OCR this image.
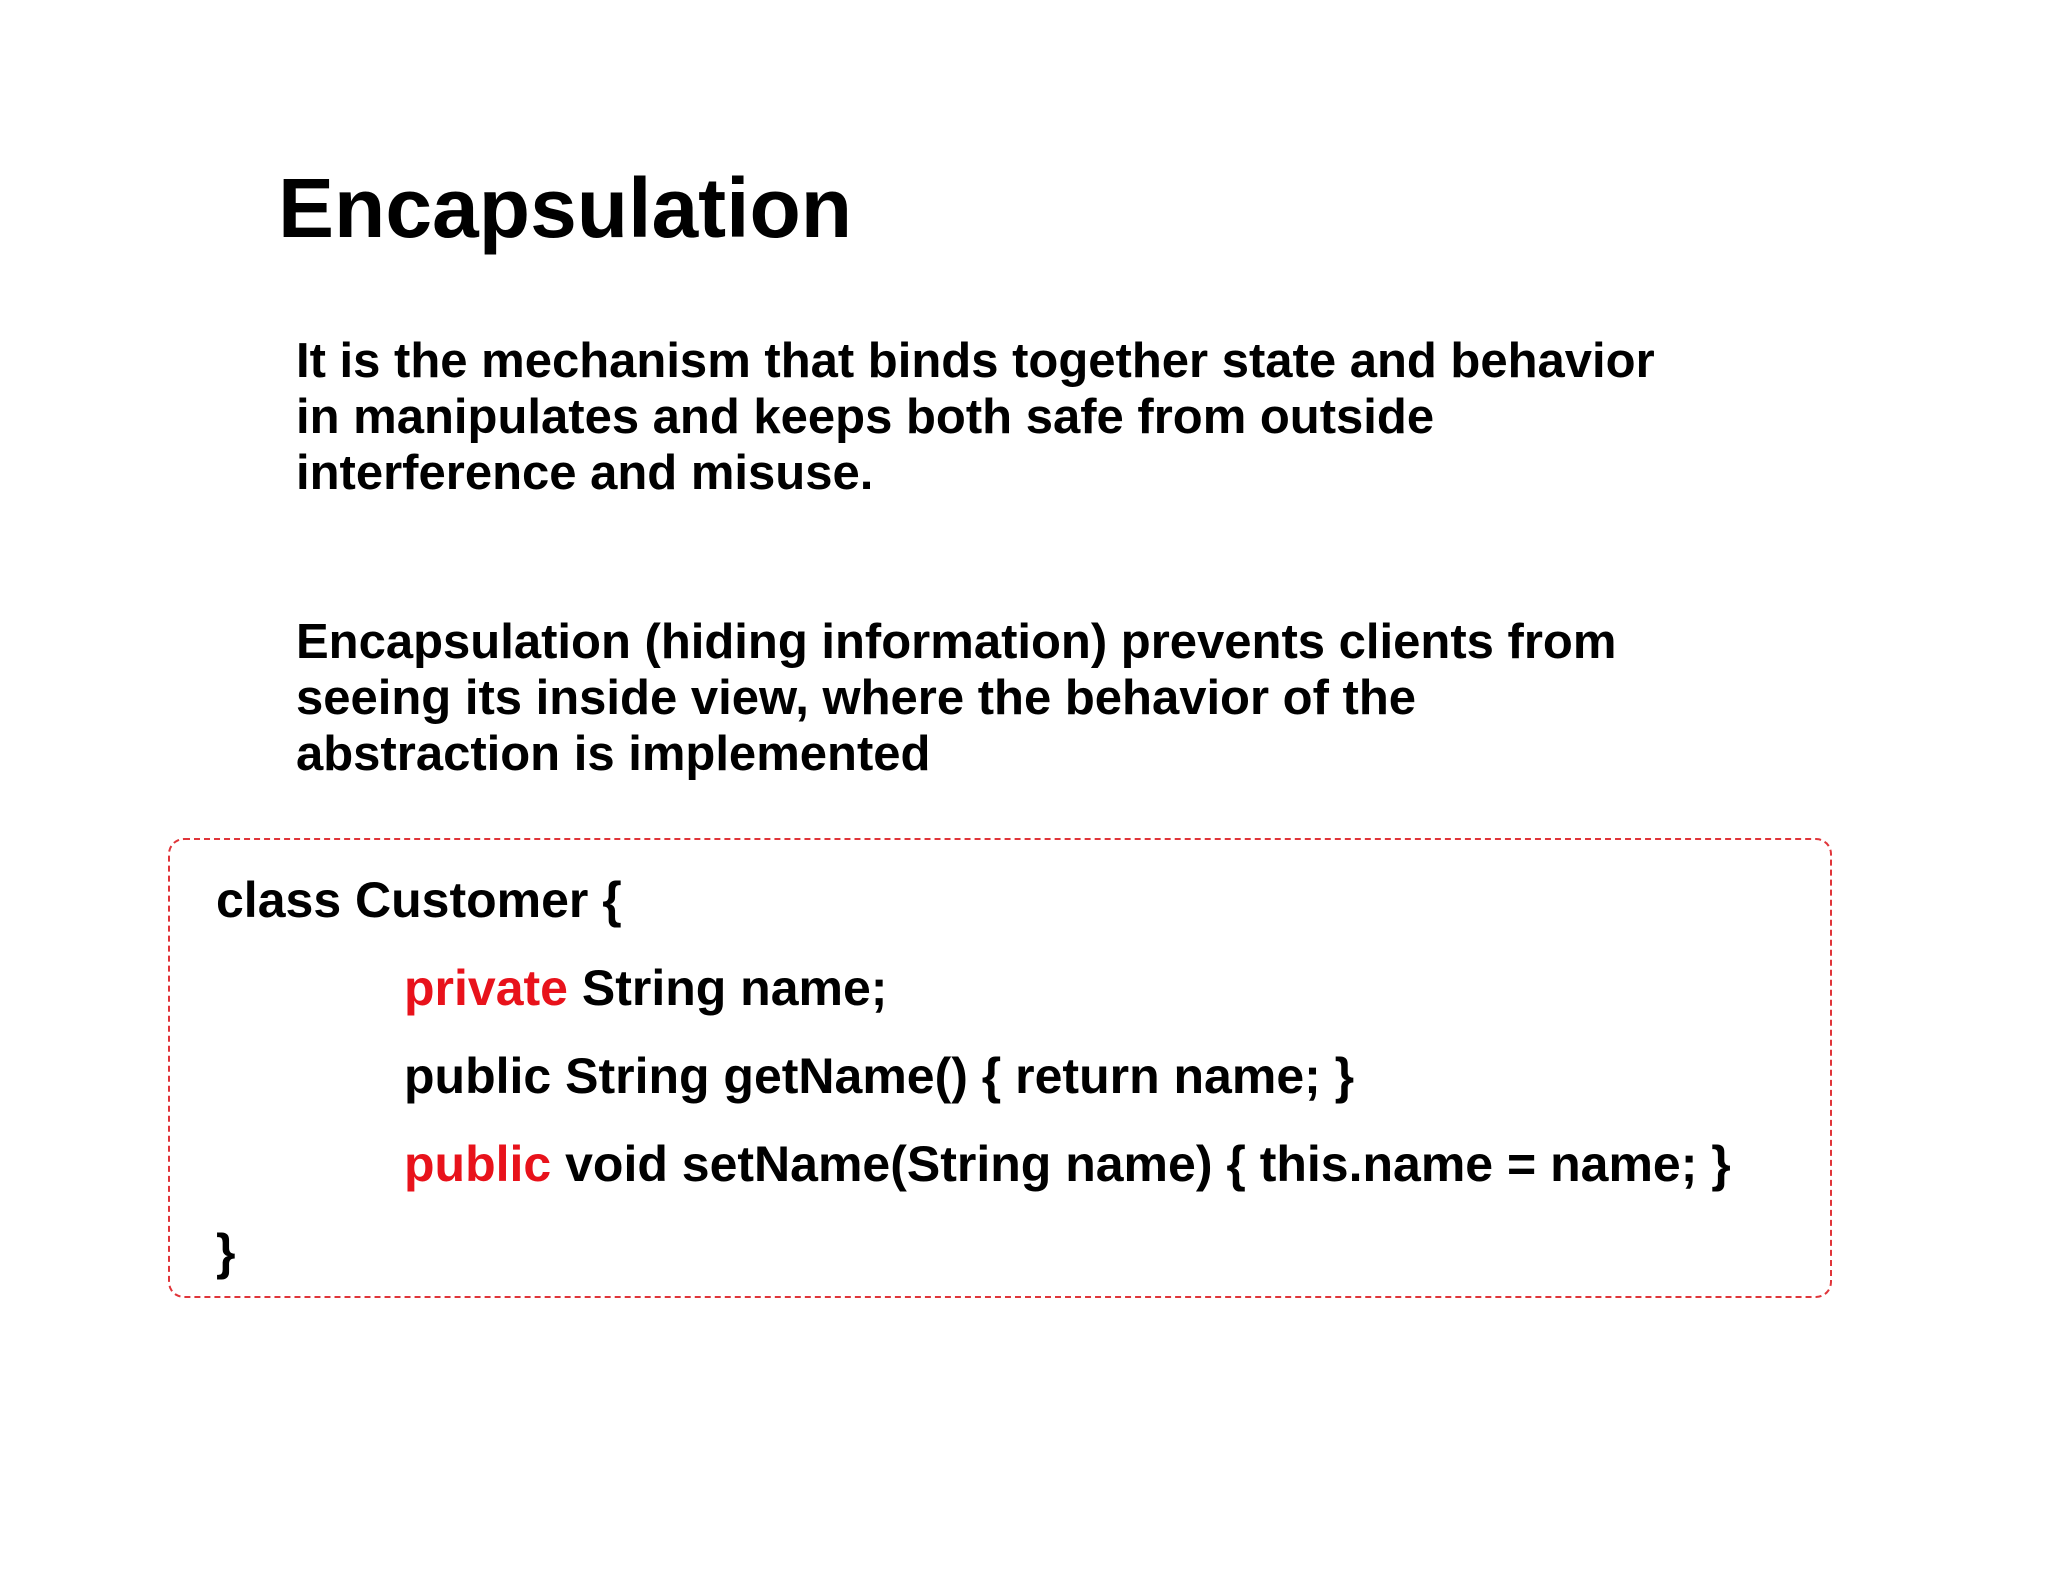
Encapsulation

It is the mechanism that binds together state and behavior
in manipulates and keeps both safe from outside
interference and misuse.

Encapsulation (hiding information) prevents clients from
seeing its inside view, where the behavior of the
abstraction is implemented

class Customer {
private String name;
public String getName() { return name; }
public void setName(String name) { this.name = name; }
}
